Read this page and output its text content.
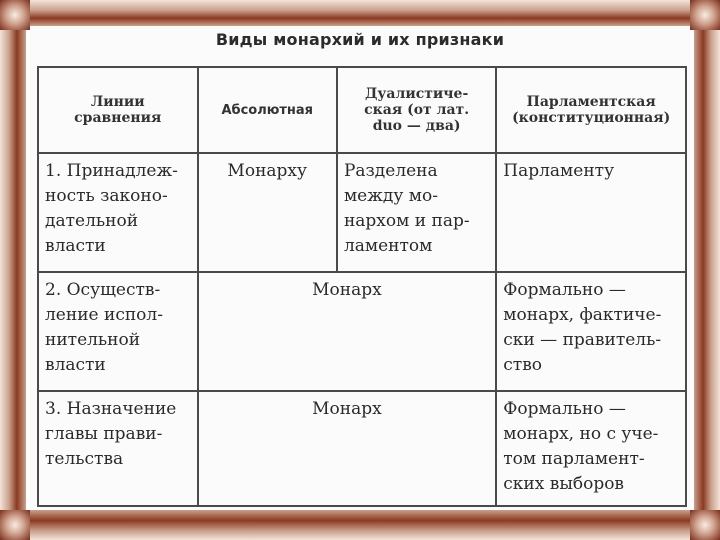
Виды монархий и их признаки
Линии
сравнения	Абсолютная	Дуалистиче-
ская (от лат.
duo — два)	Парламентская
(конституционная)

1. Принадлеж-
ность законо-
дательной
власти	Монарху	Разделена
между мо-
нархом и пар-
ламентом	Парламенту

2. Осуществ-
ление испол-
нительной
власти	Монарх		Формально —
монарх, фактиче-
ски — правитель-
ство

3. Назначение
главы прави-
тельства	Монарх		Формально —
монарх, но с уче-
том парламент-
ских выборов
